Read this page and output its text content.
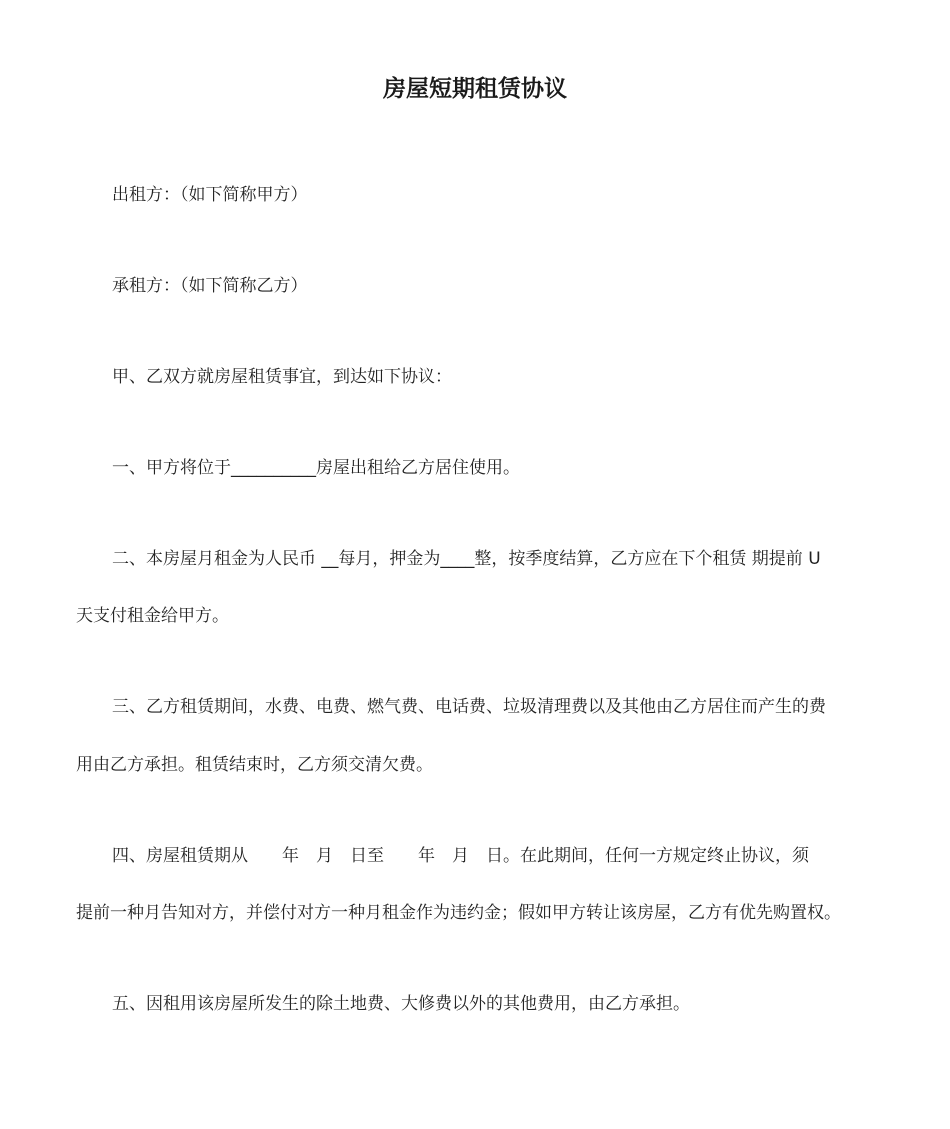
房屋短期租赁协议

出租方：（如下简称甲方）

承租方：（如下简称乙方）

甲、乙双方就房屋租赁事宜，到达如下协议：

一、甲方将位于__________房屋出租给乙方居住使用。

二、本房屋月租金为人民币 __每月，押金为____整，按季度结算，乙方应在下个租赁 期提前 U

天支付租金给甲方。

三、乙方租赁期间，水费、电费、燃气费、电话费、垃圾清理费以及其他由乙方居住而产生的费

用由乙方承担。租赁结束时，乙方须交清欠费。

四、房屋租赁期从　　年　月　日至　　年　月　日。在此期间，任何一方规定终止协议，须

提前一种月告知对方，并偿付对方一种月租金作为违约金；假如甲方转让该房屋，乙方有优先购置权。

五、因租用该房屋所发生的除土地费、大修费以外的其他费用，由乙方承担。
